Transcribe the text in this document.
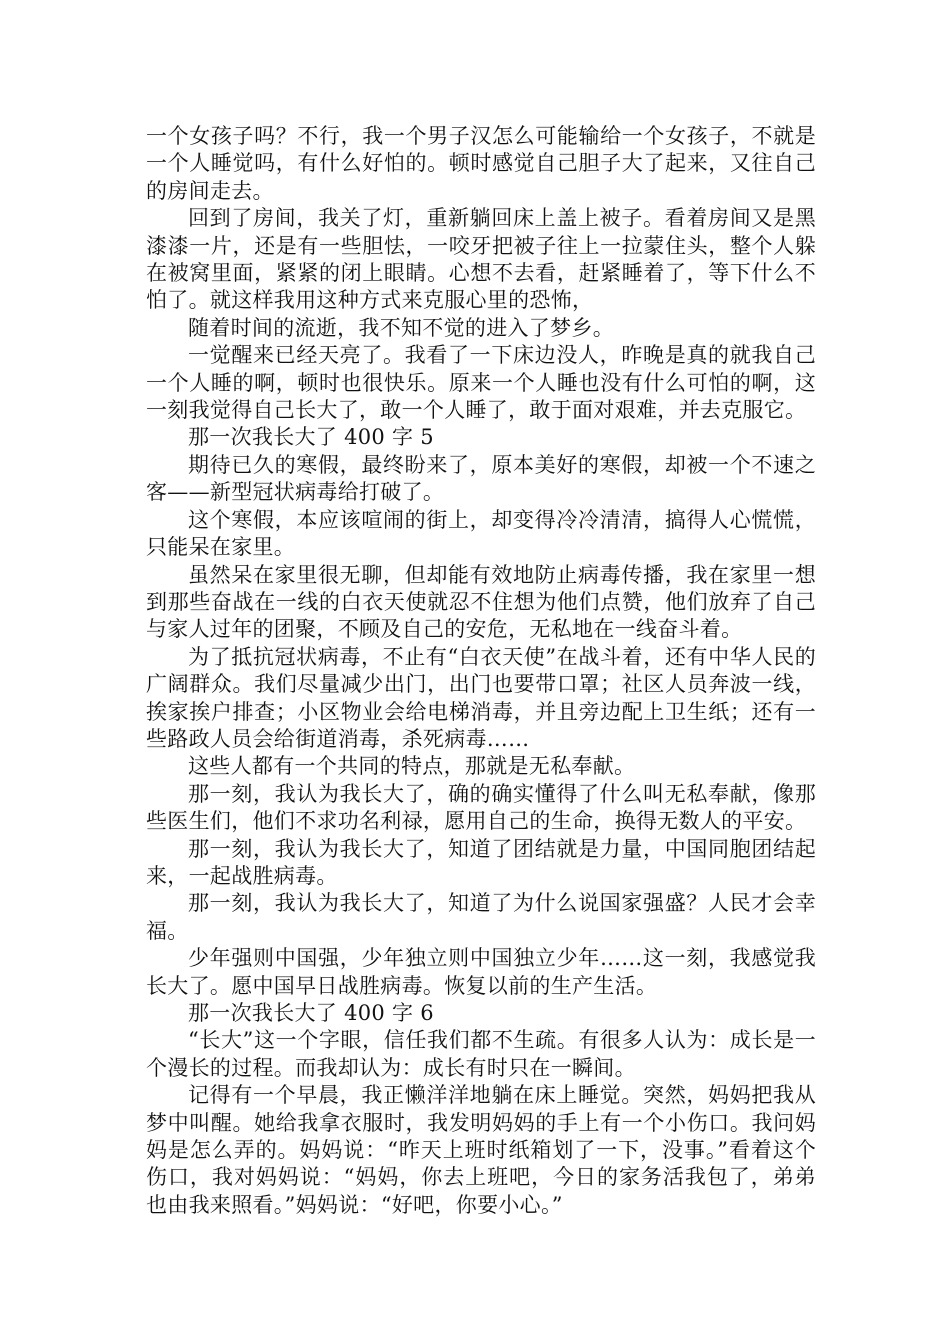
一个女孩子吗？不行，我一个男子汉怎么可能输给一个女孩子，不就是一个人睡觉吗，有什么好怕的。顿时感觉自己胆子大了起来，又往自己的房间走去。

回到了房间，我关了灯，重新躺回床上盖上被子。看着房间又是黑漆漆一片，还是有一些胆怯，一咬牙把被子往上一拉蒙住头，整个人躲在被窝里面，紧紧的闭上眼睛。心想不去看，赶紧睡着了，等下什么不怕了。就这样我用这种方式来克服心里的恐怖，

随着时间的流逝，我不知不觉的进入了梦乡。

一觉醒来已经天亮了。我看了一下床边没人，昨晚是真的就我自己一个人睡的啊，顿时也很快乐。原来一个人睡也没有什么可怕的啊，这一刻我觉得自己长大了，敢一个人睡了，敢于面对艰难，并去克服它。

那一次我长大了 400 字 5

期待已久的寒假，最终盼来了，原本美好的寒假，却被一个不速之客——新型冠状病毒给打破了。

这个寒假，本应该喧闹的街上，却变得冷冷清清，搞得人心慌慌，只能呆在家里。

虽然呆在家里很无聊，但却能有效地防止病毒传播，我在家里一想到那些奋战在一线的白衣天使就忍不住想为他们点赞，他们放弃了自己与家人过年的团聚，不顾及自己的安危，无私地在一线奋斗着。

为了抵抗冠状病毒，不止有“白衣天使”在战斗着，还有中华人民的广阔群众。我们尽量减少出门，出门也要带口罩；社区人员奔波一线，挨家挨户排查；小区物业会给电梯消毒，并且旁边配上卫生纸；还有一些路政人员会给街道消毒，杀死病毒……

这些人都有一个共同的特点，那就是无私奉献。

那一刻，我认为我长大了，确的确实懂得了什么叫无私奉献，像那些医生们，他们不求功名利禄，愿用自己的生命，换得无数人的平安。

那一刻，我认为我长大了，知道了团结就是力量，中国同胞团结起来，一起战胜病毒。

那一刻，我认为我长大了，知道了为什么说国家强盛？人民才会幸福。

少年强则中国强，少年独立则中国独立少年……这一刻，我感觉我长大了。愿中国早日战胜病毒。恢复以前的生产生活。

那一次我长大了 400 字 6

“长大”这一个字眼，信任我们都不生疏。有很多人认为：成长是一个漫长的过程。而我却认为：成长有时只在一瞬间。

记得有一个早晨，我正懒洋洋地躺在床上睡觉。突然，妈妈把我从梦中叫醒。她给我拿衣服时，我发明妈妈的手上有一个小伤口。我问妈妈是怎么弄的。妈妈说：“昨天上班时纸箱划了一下，没事。”看着这个伤口，我对妈妈说：“妈妈，你去上班吧，今日的家务活我包了，弟弟也由我来照看。”妈妈说：“好吧，你要小心。”
